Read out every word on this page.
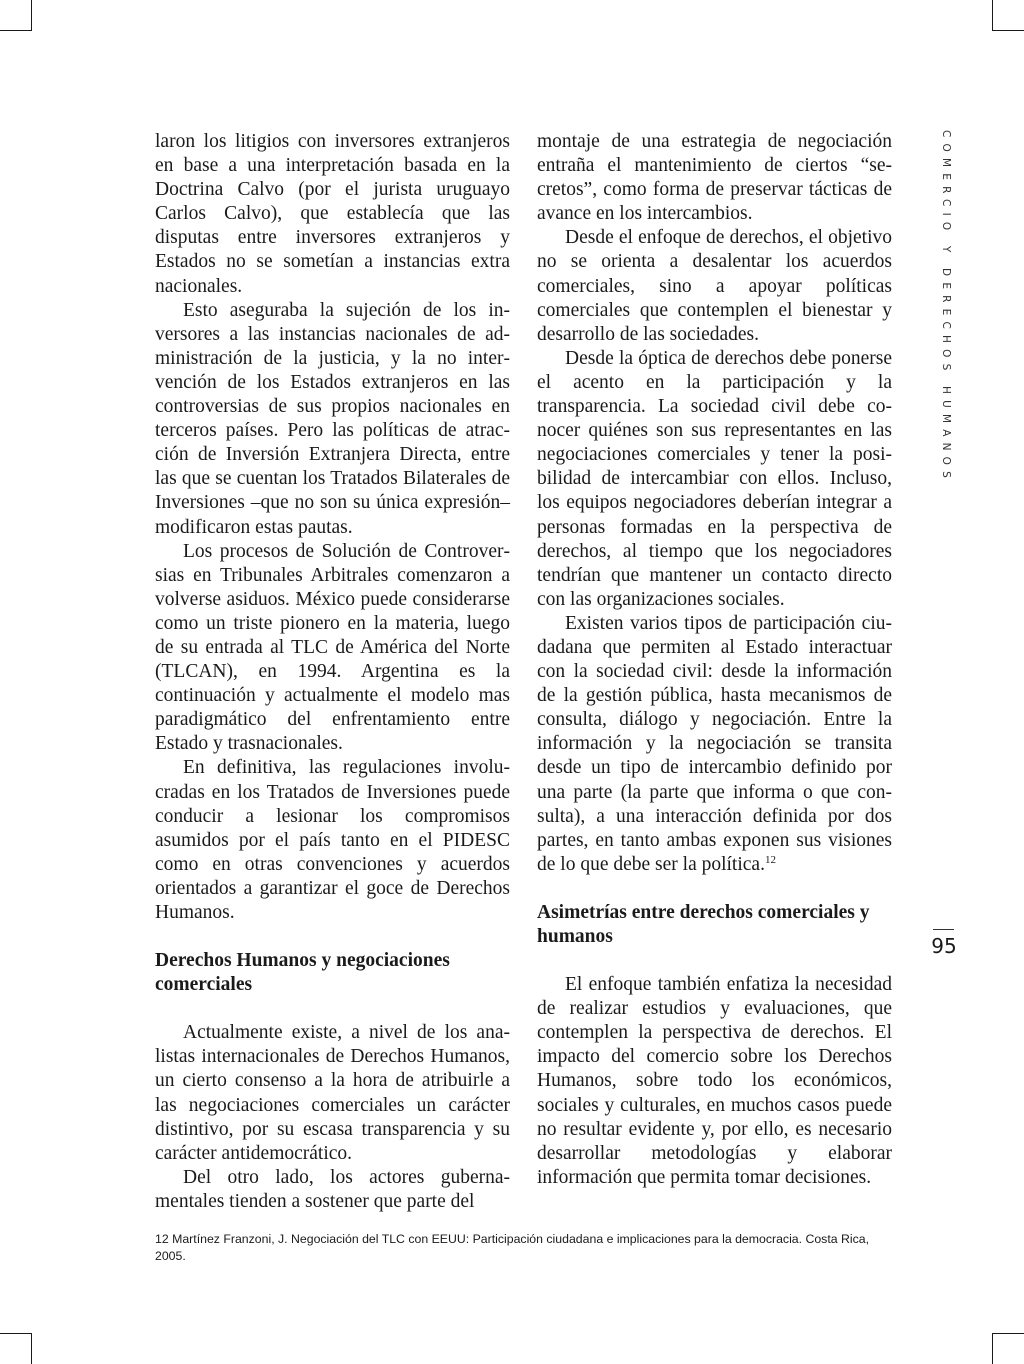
laron los litigios con inversores extranjeros en base a una interpretación basada en la Doctrina Calvo (por el jurista uruguayo Carlos Calvo), que establecía que las disputas entre inversores extranjeros y Estados no se sometían a instancias extra nacionales.

Esto aseguraba la sujeción de los inversores a las instancias nacionales de administración de la justicia, y la no intervención de los Estados extranjeros en las controversias de sus propios nacionales en terceros países. Pero las políticas de atracción de Inversión Extranjera Directa, entre las que se cuentan los Tratados Bilaterales de Inversiones –que no son su única expresión–modificaron estas pautas.

Los procesos de Solución de Controversias en Tribunales Arbitrales comenzaron a volverse asiduos. México puede considerarse como un triste pionero en la materia, luego de su entrada al TLC de América del Norte (TLCAN), en 1994. Argentina es la continuación y actualmente el modelo mas paradigmático del enfrentamiento entre Estado y trasnacionales.

En definitiva, las regulaciones involucradas en los Tratados de Inversiones puede conducir a lesionar los compromisos asumidos por el país tanto en el PIDESC como en otras convenciones y acuerdos orientados a garantizar el goce de Derechos Humanos.

Derechos Humanos y negociaciones comerciales

Actualmente existe, a nivel de los analistas internacionales de Derechos Humanos, un cierto consenso a la hora de atribuirle a las negociaciones comerciales un carácter distintivo, por su escasa transparencia y su carácter antidemocrático.

Del otro lado, los actores gubernamentales tienden a sostener que parte del

montaje de una estrategia de negociación entraña el mantenimiento de ciertos “secretos”, como forma de preservar tácticas de avance en los intercambios.

Desde el enfoque de derechos, el objetivo no se orienta a desalentar los acuerdos comerciales, sino a apoyar políticas comerciales que contemplen el bienestar y desarrollo de las sociedades.

Desde la óptica de derechos debe ponerse el acento en la participación y la transparencia. La sociedad civil debe conocer quiénes son sus representantes en las negociaciones comerciales y tener la posibilidad de intercambiar con ellos. Incluso, los equipos negociadores deberían integrar a personas formadas en la perspectiva de derechos, al tiempo que los negociadores tendrían que mantener un contacto directo con las organizaciones sociales.

Existen varios tipos de participación ciudadana que permiten al Estado interactuar con la sociedad civil: desde la información de la gestión pública, hasta mecanismos de consulta, diálogo y negociación. Entre la información y la negociación se transita desde un tipo de intercambio definido por una parte (la parte que informa o que consulta), a una interacción definida por dos partes, en tanto ambas exponen sus visiones de lo que debe ser la política.$^{12}$

Asimetrías entre derechos comerciales y humanos

El enfoque también enfatiza la necesidad de realizar estudios y evaluaciones, que contemplen la perspectiva de derechos. El impacto del comercio sobre los Derechos Humanos, sobre todo los económicos, sociales y culturales, en muchos casos puede no resultar evidente y, por ello, es necesario desarrollar metodologías y elaborar información que permita tomar decisiones.

COMERCIO Y DERECHOS HUMANOS
95
12 Martínez Franzoni, J. Negociación del TLC con EEUU: Participación ciudadana e implicaciones para la democracia. Costa Rica, 2005.
